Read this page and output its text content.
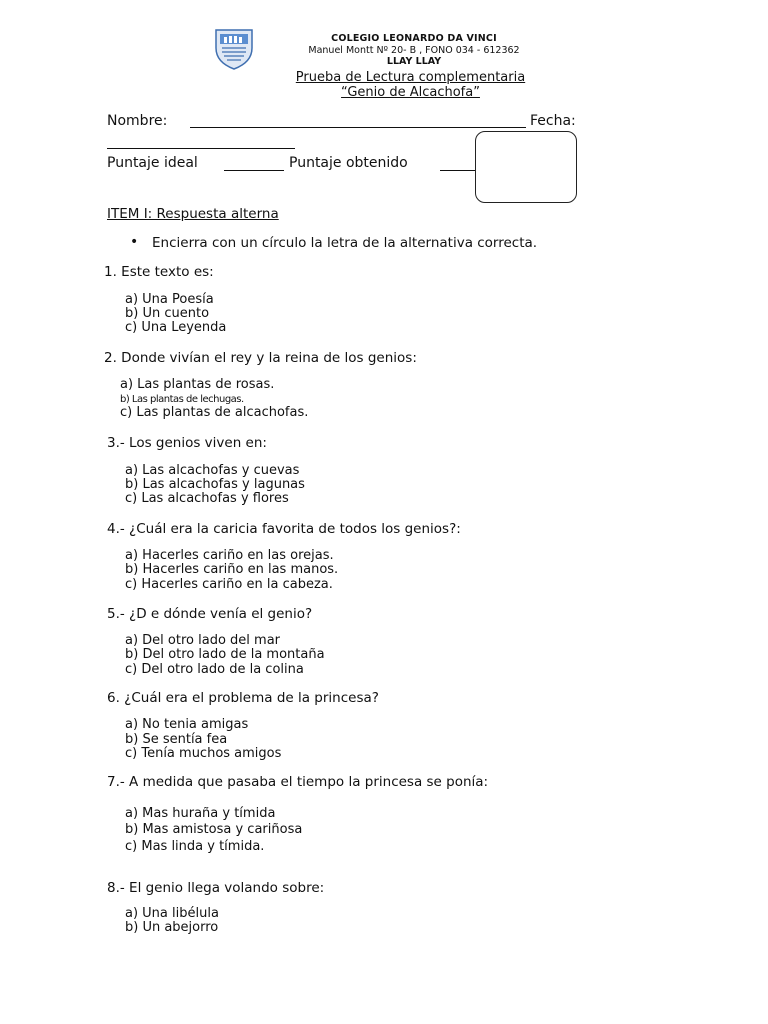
COLEGIO LEONARDO DA VINCI
Manuel Montt Nº 20- B , FONO 034 - 612362
LLAY LLAY
Prueba de Lectura complementaria
“Genio de Alcachofa”
Nombre:	Fecha:
Puntaje ideal	Puntaje obtenido
ITEM I: Respuesta alterna
• Encierra con un círculo la letra de la alternativa correcta.
1. Este texto es:
a) Una Poesía
b) Un cuento
c) Una Leyenda
2. Donde vivían el rey y la reina de los genios:
a) Las plantas de rosas.
b) Las plantas de lechugas.
c) Las plantas de alcachofas.
3.- Los genios viven en:
a) Las alcachofas y cuevas
b) Las alcachofas y lagunas
c) Las alcachofas y flores
4.- ¿Cuál era la caricia favorita de todos los genios?:
a) Hacerles cariño en las orejas.
b) Hacerles cariño en las manos.
c) Hacerles cariño en la cabeza.
5.- ¿D e dónde venía el genio?
a) Del otro lado del mar
b) Del otro lado de la montaña
c) Del otro lado de la colina
6. ¿Cuál era el problema de la princesa?
a) No tenia amigas
b) Se sentía fea
c) Tenía muchos amigos
7.- A medida que pasaba el tiempo la princesa se ponía:
a) Mas huraña y tímida
b) Mas amistosa y cariñosa
c) Mas linda y tímida.
8.- El genio llega volando sobre:
a) Una libélula
b) Un abejorro
